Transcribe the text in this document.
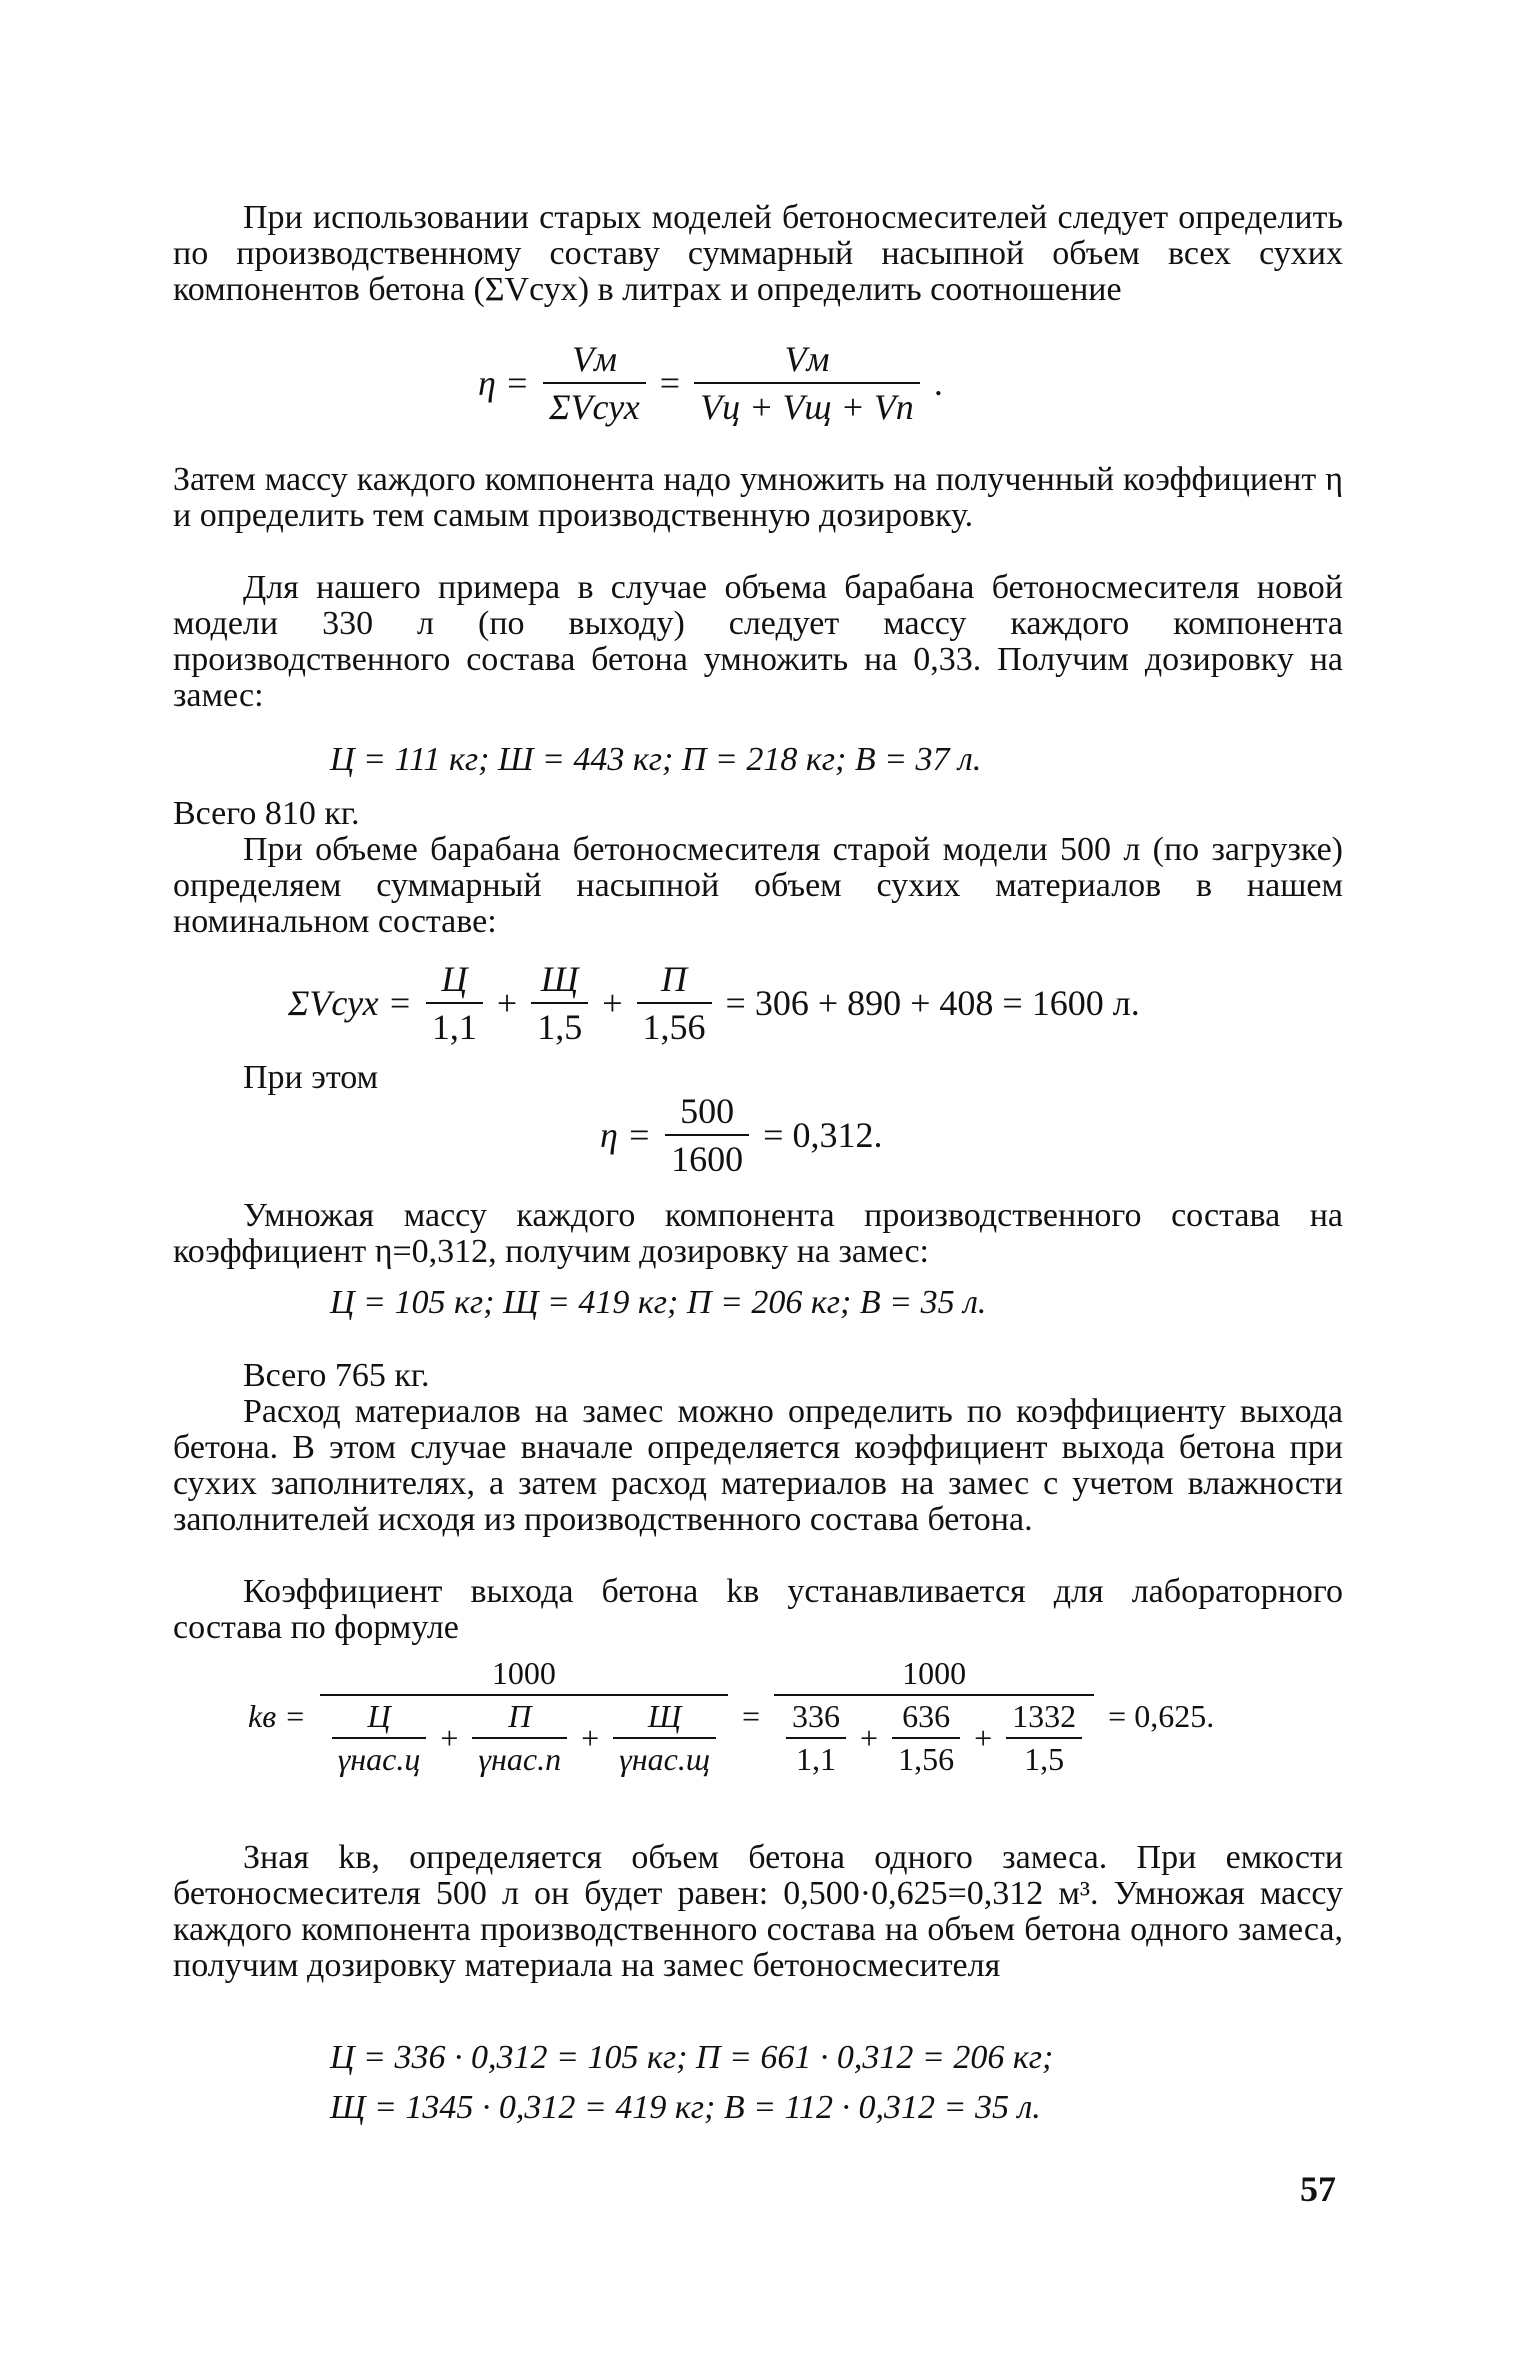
При использовании старых моделей бетоносмесителей следует определить по производственному составу суммарный насыпной объем всех сухих компонентов бетона (ΣVсух) в литрах и определить соотношение

$\eta = \frac{Vм}{\text{ΣVсух}} = \frac{Vм}{Vц + Vщ + Vп}$ .

Затем массу каждого компонента надо умножить на полученный коэффициент η и определить тем самым производственную дозировку.

Для нашего примера в случае объема барабана бетоносмесителя новой модели 330 л (по выходу) следует массу каждого компонента производственного состава бетона умножить на 0,33. Получим дозировку на замес:

Ц = 111 кг; Ш = 443 кг; П = 218 кг; В = 37 л.
Всего 810 кг.

При объеме барабана бетоносмесителя старой модели 500 л (по загрузке) определяем суммарный насыпной объем сухих материалов в нашем номинальном составе:

ΣVсух = $\frac{Ц}{1,1} + \frac{Щ}{1,5} + \frac{П}{1,56} = 306 + 890 + 408 = 1600$ л.
При этом
$\eta = \frac{500}{1600} = 0,312$.

Умножая массу каждого компонента производственного состава на коэффициент η=0,312, получим дозировку на замес:

Ц = 105 кг; Щ = 419 кг; П = 206 кг; В = 35 л.
Всего 765 кг.

Расход материалов на замес можно определить по коэффициенту выхода бетона. В этом случае вначале определяется коэффициент выхода бетона при сухих заполнителях, а затем расход материалов на замес с учетом влажности заполнителей исходя из производственного состава бетона.

Коэффициент выхода бетона kв устанавливается для лабораторного состава по формуле

kв = $\frac{1000}{\frac{Ц}{\text{γнас.ц}} + \frac{П}{\text{γнас.п}} + \frac{Щ}{\text{γнас.щ}}} = \frac{1000}{\frac{336}{1,1} + \frac{636}{1,56} + \frac{1332}{1,5}} = 0,625$.

Зная kв, определяется объем бетона одного замеса. При емкости бетоносмесителя 500 л он будет равен: 0,500·0,625=0,312 м³. Умножая массу каждого компонента производственного состава на объем бетона одного замеса, получим дозировку материала на замес бетоносмесителя

Ц = 336 · 0,312 = 105 кг; П = 661 · 0,312 = 206 кг;
Щ = 1345 · 0,312 = 419 кг; В = 112 · 0,312 = 35 л.
57
